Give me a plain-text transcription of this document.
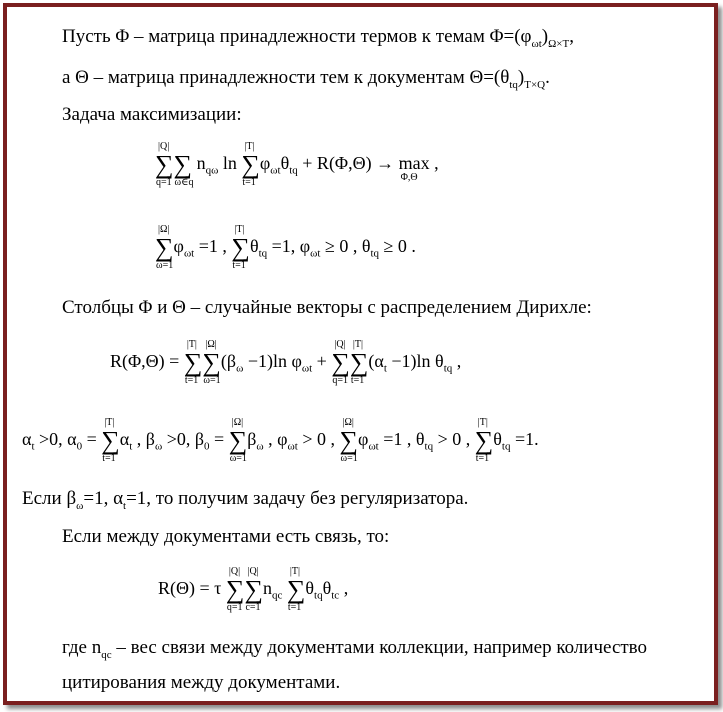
Пусть Φ – матрица принадлежности термов к темам $\Phi=(\varphi_{\omega t})_{\Omega\times T}$,
а Θ – матрица принадлежности тем к документам $\Theta=(\theta_{tq})_{T\times Q}$.
Задача максимизации:
∑
|Q|
q=1
∑
ω∈q
$n_{q\omega}$ ln ∑
|T|
t=1
$\varphi_{\omega t}\theta_{tq} + R(\Phi,\Theta) \to \max$
Φ,Θ
,
∑
|Ω|
ω=1
$\varphi_{\omega t} =1$ , ∑
|T|
t=1
$\theta_{tq} =1$, $\varphi_{\omega t} \ge 0$ , $\theta_{tq} \ge 0$ .
Столбцы Φ и Θ – случайные векторы с распределением Дирихле:
R(Φ,Θ) = ∑
|T|
t=1
∑
|Ω|
ω=1
$(\beta_\omega -1)\ln$ $\varphi_{\omega t}$ + ∑
|Q|
q=1
∑
|T|
t=1
$(\alpha_t -1)\ln$ $\theta_{tq}$ ,
$\alpha_t >0$, $\alpha_0$ = ∑
|T|
t=1
$\alpha_t$ , $\beta_\omega >0$, $\beta_0$ = ∑
|Ω|
ω=1
$\beta_\omega$ , $\varphi_{\omega t} > 0$ , ∑
|Ω|
ω=1
$\varphi_{\omega t} =1$ , $\theta_{tq} > 0$ , ∑
|T|
t=1
$\theta_{tq} =1$.
Если $\beta_\omega=1$, $\alpha_t=1$, то получим задачу без регуляризатора.
Если между документами есть связь, то:
R(Θ) = τ ∑
|Q|
q=1
∑
|Q|
c=1
$n_{qc}$ ∑
|T|
t=1
$\theta_{tq}\theta_{tc}$ ,
где $n_{qc}$ – вес связи между документами коллекции, например количество
цитирования между документами.
